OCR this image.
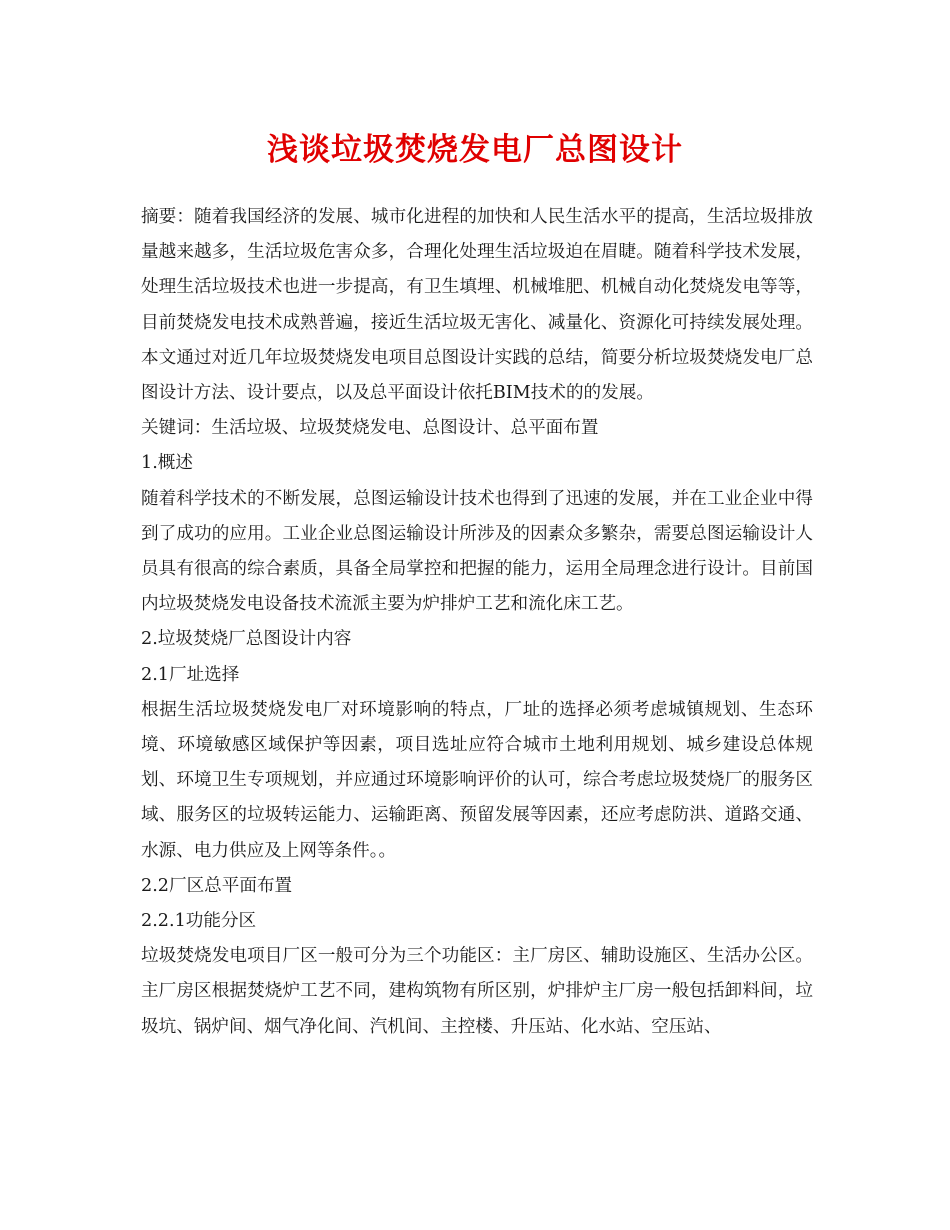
浅谈垃圾焚烧发电厂总图设计

摘要：随着我国经济的发展、城市化进程的加快和人民生活水平的提高，生活垃圾排放量越来越多，生活垃圾危害众多，合理化处理生活垃圾迫在眉睫。随着科学技术发展，处理生活垃圾技术也进一步提高，有卫生填埋、机械堆肥、机械自动化焚烧发电等等，目前焚烧发电技术成熟普遍，接近生活垃圾无害化、减量化、资源化可持续发展处理。本文通过对近几年垃圾焚烧发电项目总图设计实践的总结，简要分析垃圾焚烧发电厂总图设计方法、设计要点，以及总平面设计依托BIM技术的的发展。

关键词：生活垃圾、垃圾焚烧发电、总图设计、总平面布置

1.概述

随着科学技术的不断发展，总图运输设计技术也得到了迅速的发展，并在工业企业中得到了成功的应用。工业企业总图运输设计所涉及的因素众多繁杂，需要总图运输设计人员具有很高的综合素质，具备全局掌控和把握的能力，运用全局理念进行设计。目前国内垃圾焚烧发电设备技术流派主要为炉排炉工艺和流化床工艺。

2.垃圾焚烧厂总图设计内容

2.1厂址选择

根据生活垃圾焚烧发电厂对环境影响的特点，厂址的选择必须考虑城镇规划、生态环境、环境敏感区域保护等因素，项目选址应符合城市土地利用规划、城乡建设总体规划、环境卫生专项规划，并应通过环境影响评价的认可，综合考虑垃圾焚烧厂的服务区域、服务区的垃圾转运能力、运输距离、预留发展等因素，还应考虑防洪、道路交通、水源、电力供应及上网等条件。。

2.2厂区总平面布置

2.2.1功能分区

垃圾焚烧发电项目厂区一般可分为三个功能区：主厂房区、辅助设施区、生活办公区。主厂房区根据焚烧炉工艺不同，建构筑物有所区别，炉排炉主厂房一般包括卸料间，垃圾坑、锅炉间、烟气净化间、汽机间、主控楼、升压站、化水站、空压站、
